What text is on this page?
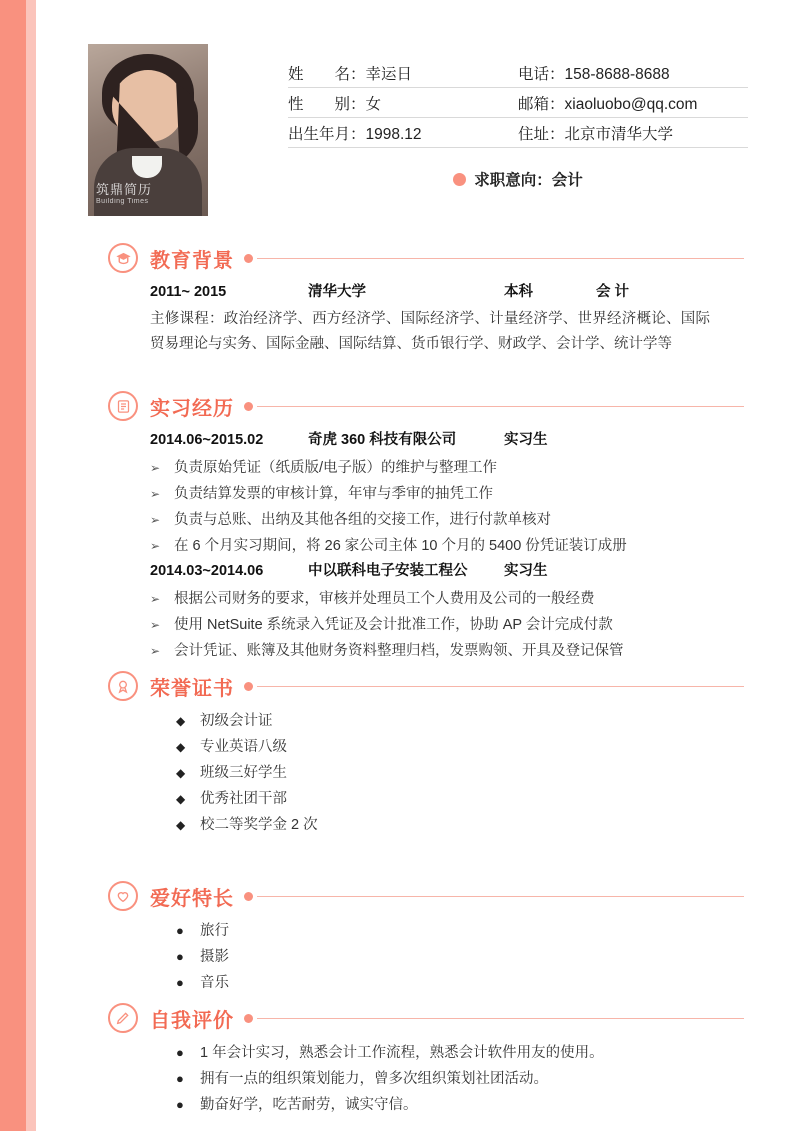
筑鼎简历
Building Times
姓　　名：幸运日	电话：158-8688-8688
性　　别：女	邮箱：xiaoluobo@qq.com
出生年月：1998.12	住址：北京市清华大学
求职意向：会计
教育背景
2011~ 2015	清华大学	本科	会 计
主修课程：政治经济学、西方经济学、国际经济学、计量经济学、世界经济概论、国际贸易理论与实务、国际金融、国际结算、货币银行学、财政学、会计学、统计学等
实习经历
2014.06~2015.02	奇虎 360 科技有限公司	实习生
➢ 负责原始凭证（纸质版/电子版）的维护与整理工作
➢ 负责结算发票的审核计算，年审与季审的抽凭工作
➢ 负责与总账、出纳及其他各组的交接工作，进行付款单核对
➢ 在 6 个月实习期间，将 26 家公司主体 10 个月的 5400 份凭证装订成册
2014.03~2014.06	中以联科电子安装工程公	实习生
➢ 根据公司财务的要求，审核并处理员工个人费用及公司的一般经费
➢ 使用 NetSuite 系统录入凭证及会计批准工作，协助 AP 会计完成付款
➢ 会计凭证、账簿及其他财务资料整理归档，发票购领、开具及登记保管
荣誉证书
◆	初级会计证
◆	专业英语八级
◆	班级三好学生
◆	优秀社团干部
◆	校二等奖学金 2 次
爱好特长
●	旅行
●	摄影
●	音乐
自我评价
●	1 年会计实习，熟悉会计工作流程，熟悉会计软件用友的使用。
●	拥有一点的组织策划能力，曾多次组织策划社团活动。
●	勤奋好学，吃苦耐劳，诚实守信。
